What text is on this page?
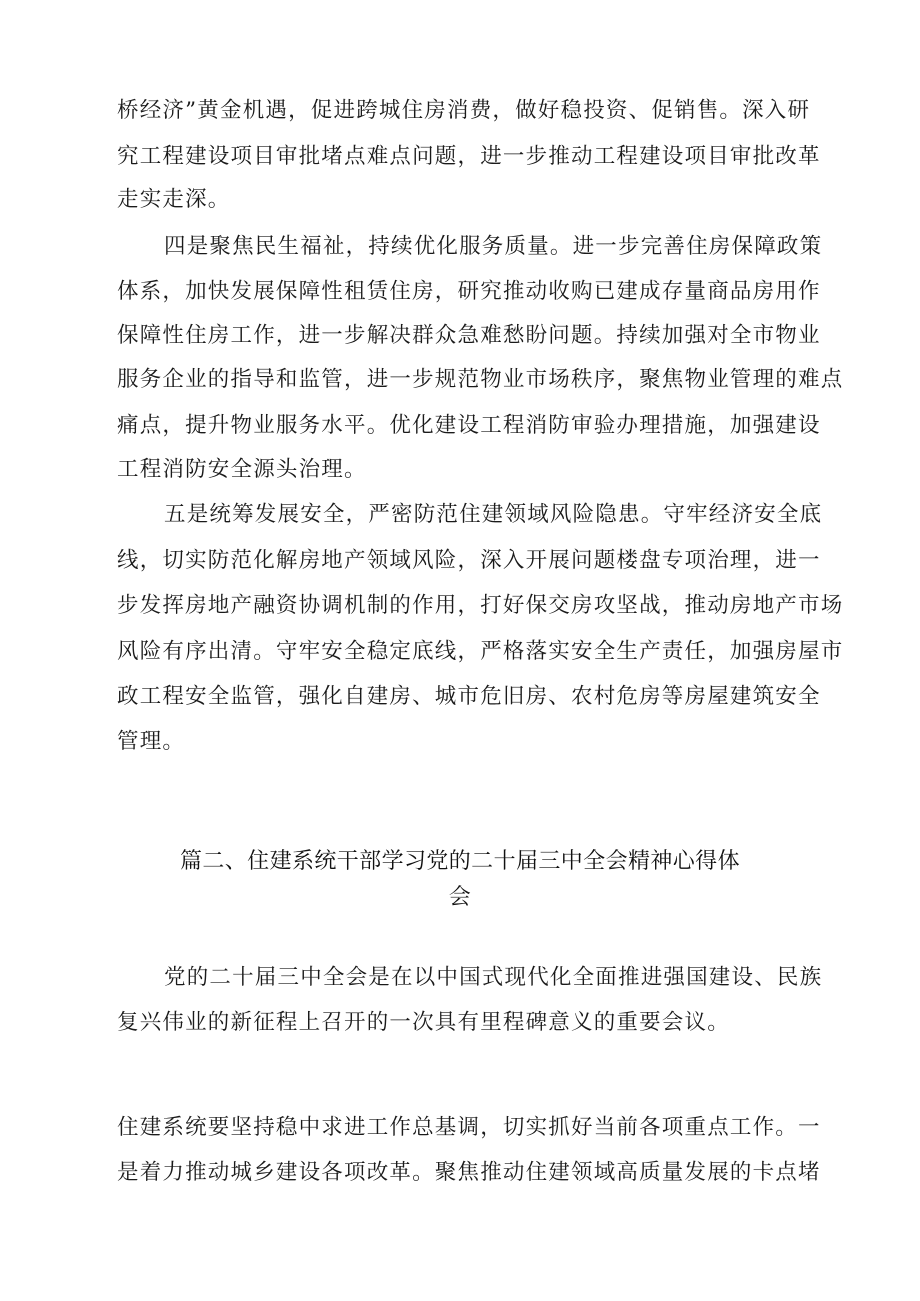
桥经济”黄金机遇，促进跨城住房消费，做好稳投资、促销售。深入研
究工程建设项目审批堵点难点问题，进一步推动工程建设项目审批改革
走实走深。
四是聚焦民生福祉，持续优化服务质量。进一步完善住房保障政策
体系，加快发展保障性租赁住房，研究推动收购已建成存量商品房用作
保障性住房工作，进一步解决群众急难愁盼问题。持续加强对全市物业
服务企业的指导和监管，进一步规范物业市场秩序，聚焦物业管理的难点
痛点，提升物业服务水平。优化建设工程消防审验办理措施，加强建设
工程消防安全源头治理。
五是统筹发展安全，严密防范住建领域风险隐患。守牢经济安全底
线，切实防范化解房地产领域风险，深入开展问题楼盘专项治理，进一
步发挥房地产融资协调机制的作用，打好保交房攻坚战，推动房地产市场
风险有序出清。守牢安全稳定底线，严格落实安全生产责任，加强房屋市
政工程安全监管，强化自建房、城市危旧房、农村危房等房屋建筑安全
管理。
篇二、住建系统干部学习党的二十届三中全会精神心得体
会
党的二十届三中全会是在以中国式现代化全面推进强国建设、民族
复兴伟业的新征程上召开的一次具有里程碑意义的重要会议。
住建系统要坚持稳中求进工作总基调，切实抓好当前各项重点工作。一
是着力推动城乡建设各项改革。聚焦推动住建领域高质量发展的卡点堵
